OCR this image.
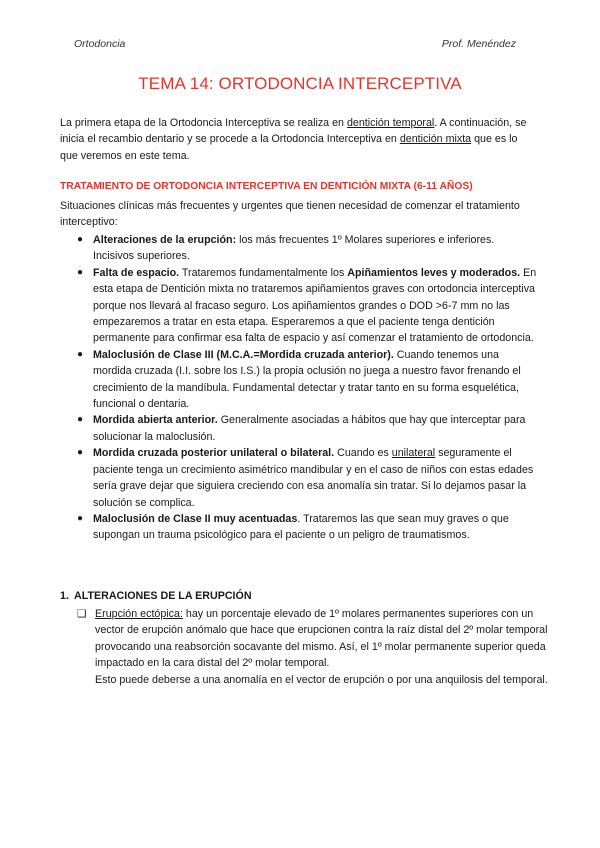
Ortodoncia	Prof. Menéndez
TEMA 14: ORTODONCIA INTERCEPTIVA

La primera etapa de la Ortodoncia Interceptiva se realiza en dentición temporal. A continuación, se inicia el recambio dentario y se procede a la Ortodoncia Interceptiva en dentición mixta que es lo que veremos en este tema.

TRATAMIENTO DE ORTODONCIA INTERCEPTIVA EN DENTICIÓN MIXTA (6-11 AÑOS)

Situaciones clínicas más frecuentes y urgentes que tienen necesidad de comenzar el tratamiento interceptivo:

● Alteraciones de la erupción: los más frecuentes 1º Molares superiores e inferiores. Incisivos superiores.
● Falta de espacio. Trataremos fundamentalmente los Apiñamientos leves y moderados. En esta etapa de Dentición mixta no trataremos apiñamientos graves con ortodoncia interceptiva porque nos llevará al fracaso seguro. Los apiñamientos grandes o DOD >6-7 mm no las empezaremos a tratar en esta etapa. Esperaremos a que el paciente tenga dentición permanente para confirmar esa falta de espacio y así comenzar el tratamiento de ortodoncia.
● Maloclusión de Clase III (M.C.A.=Mordida cruzada anterior). Cuando tenemos una mordida cruzada (I.I. sobre los I.S.) la propia oclusión no juega a nuestro favor frenando el crecimiento de la mandíbula. Fundamental detectar y tratar tanto en su forma esquelética, funcional o dentaria.
● Mordida abierta anterior. Generalmente asociadas a hábitos que hay que interceptar para solucionar la maloclusión.
● Mordida cruzada posterior unilateral o bilateral. Cuando es unilateral seguramente el paciente tenga un crecimiento asimétrico mandibular y en el caso de niños con estas edades sería grave dejar que siguiera creciendo con esa anomalía sin tratar. Si lo dejamos pasar la solución se complica.
● Maloclusión de Clase II muy acentuadas. Trataremos las que sean muy graves o que supongan un trauma psicológico para el paciente o un peligro de traumatismos.
1. ALTERACIONES DE LA ERUPCIÓN
❑ Erupción ectópica: hay un porcentaje elevado de 1º molares permanentes superiores con un vector de erupción anómalo que hace que erupcionen contra la raíz distal del 2º molar temporal provocando una reabsorción socavante del mismo. Así, el 1º molar permanente superior queda impactado en la cara distal del 2º molar temporal.
Esto puede deberse a una anomalía en el vector de erupción o por una anquilosis del temporal.
